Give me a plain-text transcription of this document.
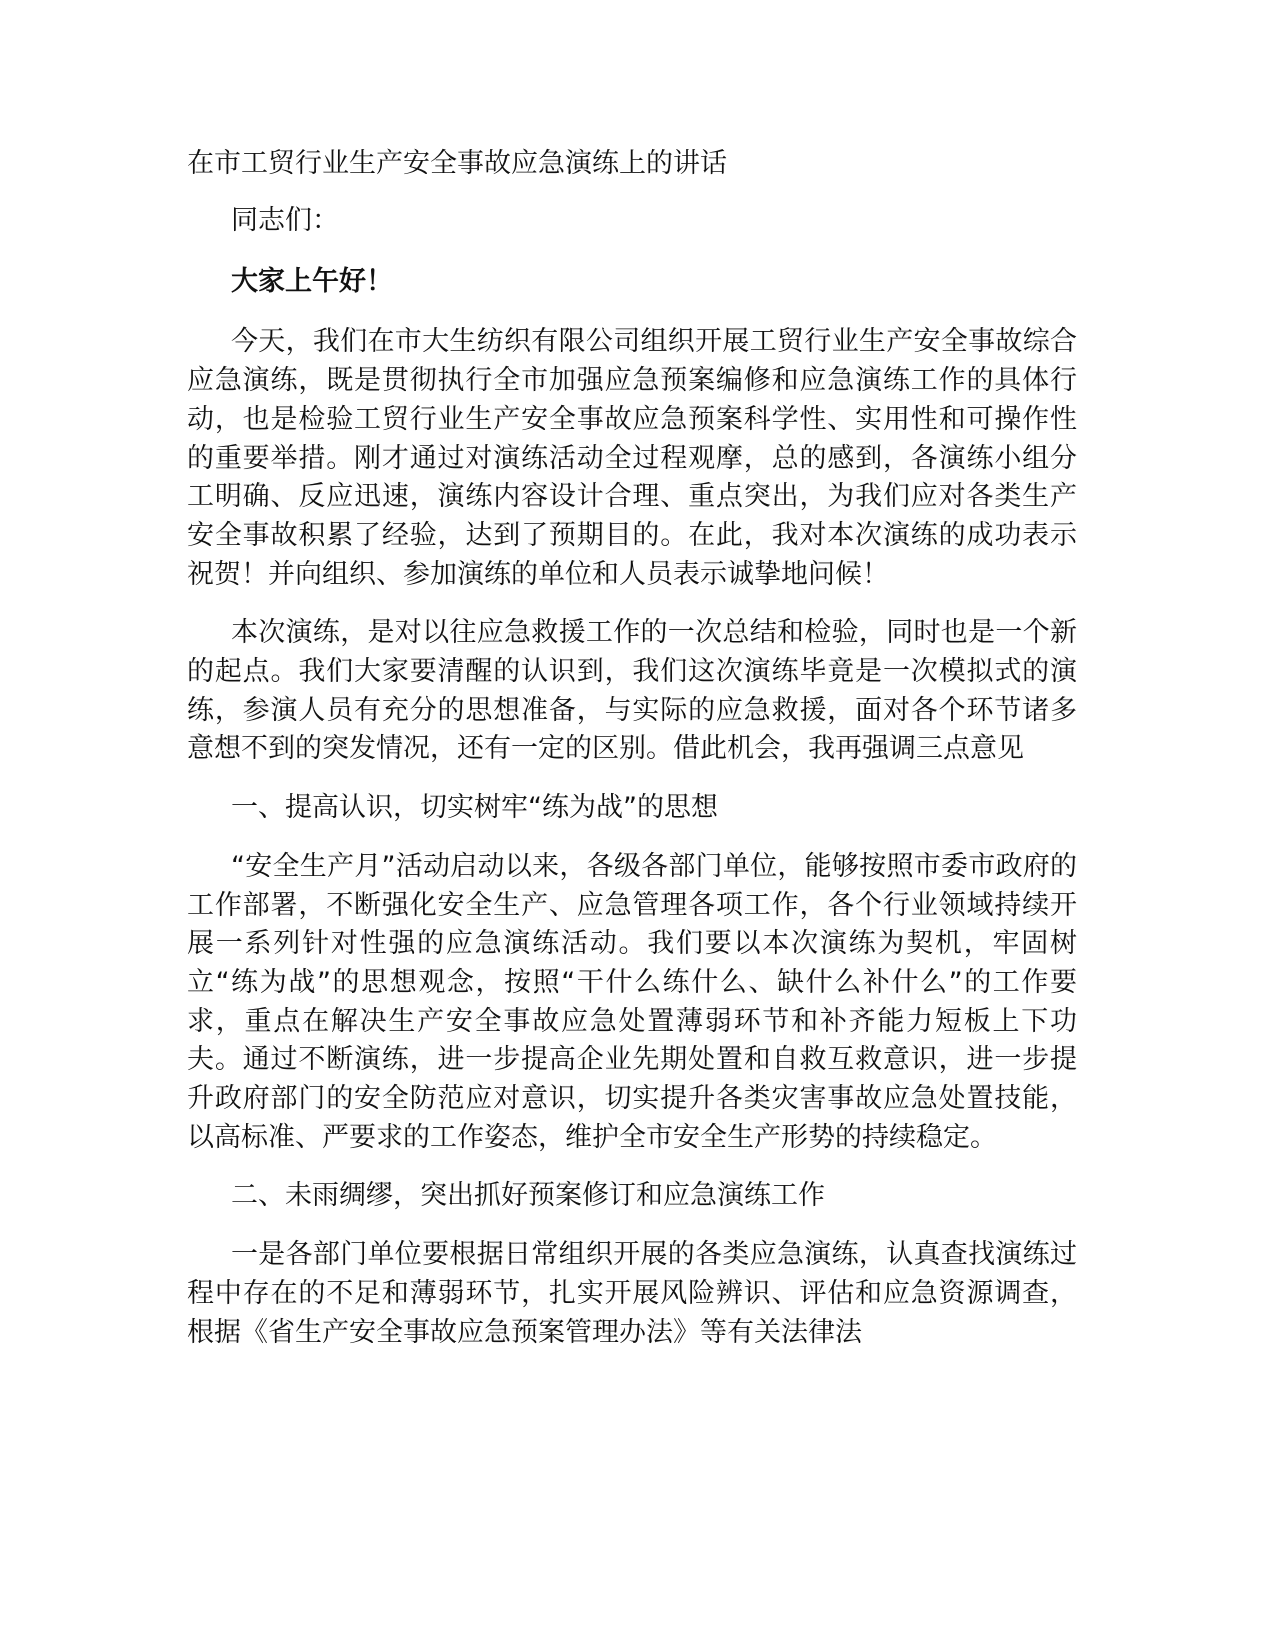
在市工贸行业生产安全事故应急演练上的讲话

同志们：

大家上午好！

今天，我们在市大生纺织有限公司组织开展工贸行业生产安全事故综合应急演练，既是贯彻执行全市加强应急预案编修和应急演练工作的具体行动，也是检验工贸行业生产安全事故应急预案科学性、实用性和可操作性的重要举措。刚才通过对演练活动全过程观摩，总的感到，各演练小组分工明确、反应迅速，演练内容设计合理、重点突出，为我们应对各类生产安全事故积累了经验，达到了预期目的。在此，我对本次演练的成功表示祝贺！并向组织、参加演练的单位和人员表示诚挚地问候！

本次演练，是对以往应急救援工作的一次总结和检验，同时也是一个新的起点。我们大家要清醒的认识到，我们这次演练毕竟是一次模拟式的演练，参演人员有充分的思想准备，与实际的应急救援，面对各个环节诸多意想不到的突发情况，还有一定的区别。借此机会，我再强调三点意见

一、提高认识，切实树牢“练为战”的思想

“安全生产月”活动启动以来，各级各部门单位，能够按照市委市政府的工作部署，不断强化安全生产、应急管理各项工作，各个行业领域持续开展一系列针对性强的应急演练活动。我们要以本次演练为契机，牢固树立“练为战”的思想观念，按照“干什么练什么、缺什么补什么”的工作要求，重点在解决生产安全事故应急处置薄弱环节和补齐能力短板上下功夫。通过不断演练，进一步提高企业先期处置和自救互救意识，进一步提升政府部门的安全防范应对意识，切实提升各类灾害事故应急处置技能，以高标准、严要求的工作姿态，维护全市安全生产形势的持续稳定。

二、未雨绸缪，突出抓好预案修订和应急演练工作

一是各部门单位要根据日常组织开展的各类应急演练，认真查找演练过程中存在的不足和薄弱环节，扎实开展风险辨识、评估和应急资源调查，根据《省生产安全事故应急预案管理办法》等有关法律法
